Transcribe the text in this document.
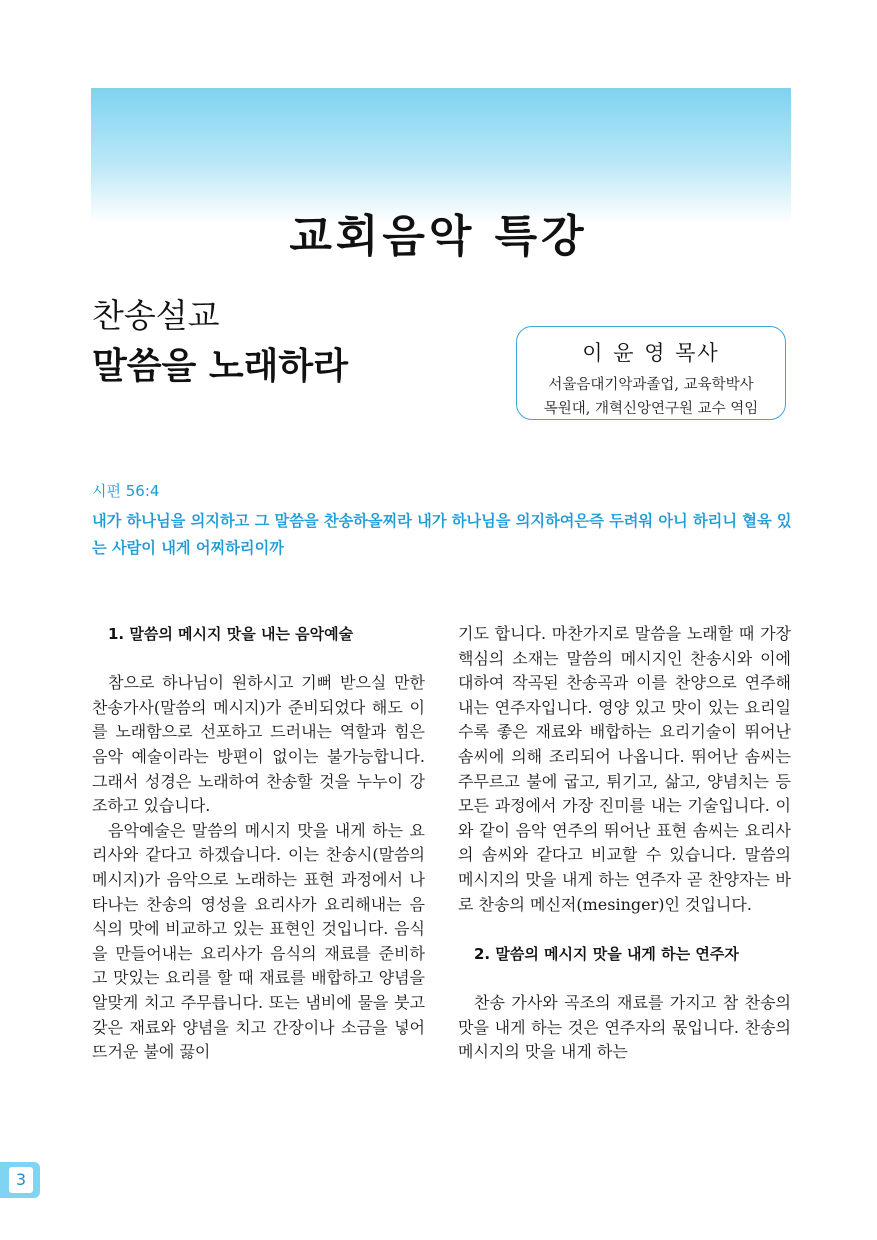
교회음악 특강
찬송설교
말씀을 노래하라	이 윤 영 목사
서울음대기악과졸업, 교육학박사
목원대, 개혁신앙연구원 교수 역임
시편 56:4
내가 하나님을 의지하고 그 말씀을 찬송하올찌라 내가 하나님을 의지하여은즉 두려워 아니 하리니 혈육 있는 사람이 내게 어찌하리이까
1. 말씀의 메시지 맛을 내는 음악예술

참으로 하나님이 원하시고 기뻐 받으실 만한 찬송가사(말씀의 메시지)가 준비되었다 해도 이를 노래함으로 선포하고 드러내는 역할과 힘은 음악 예술이라는 방편이 없이는 불가능합니다. 그래서 성경은 노래하여 찬송할 것을 누누이 강조하고 있습니다.

음악예술은 말씀의 메시지 맛을 내게 하는 요리사와 같다고 하겠습니다. 이는 찬송시(말씀의 메시지)가 음악으로 노래하는 표현 과정에서 나타나는 찬송의 영성을 요리사가 요리해내는 음식의 맛에 비교하고 있는 표현인 것입니다. 음식을 만들어내는 요리사가 음식의 재료를 준비하고 맛있는 요리를 할 때 재료를 배합하고 양념을 알맞게 치고 주무릅니다. 또는 냄비에 물을 붓고 갖은 재료와 양념을 치고 간장이나 소금을 넣어 뜨거운 불에 끓이

기도 합니다. 마찬가지로 말씀을 노래할 때 가장 핵심의 소재는 말씀의 메시지인 찬송시와 이에 대하여 작곡된 찬송곡과 이를 찬양으로 연주해 내는 연주자입니다. 영양 있고 맛이 있는 요리일수록 좋은 재료와 배합하는 요리기술이 뛰어난 솜씨에 의해 조리되어 나옵니다. 뛰어난 솜씨는 주무르고 불에 굽고, 튀기고, 삶고, 양념치는 등 모든 과정에서 가장 진미를 내는 기술입니다. 이와 같이 음악 연주의 뛰어난 표현 솜씨는 요리사의 솜씨와 같다고 비교할 수 있습니다. 말씀의 메시지의 맛을 내게 하는 연주자 곧 찬양자는 바로 찬송의 메신저(mesinger)인 것입니다.

2. 말씀의 메시지 맛을 내게 하는 연주자

찬송 가사와 곡조의 재료를 가지고 참 찬송의 맛을 내게 하는 것은 연주자의 몫입니다. 찬송의 메시지의 맛을 내게 하는

3
